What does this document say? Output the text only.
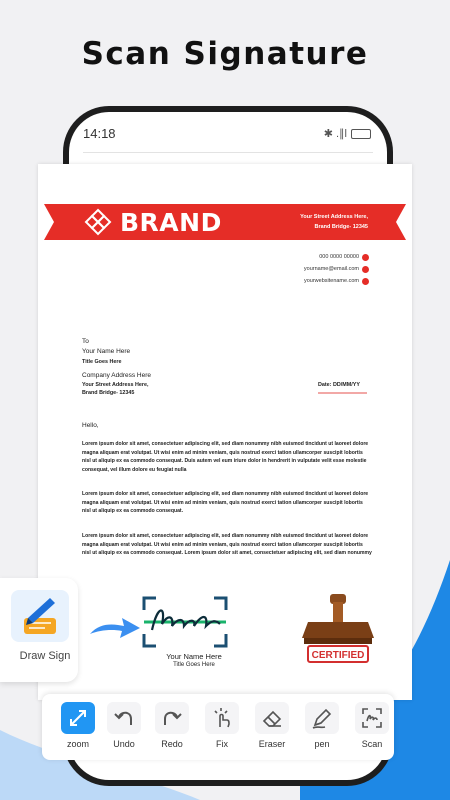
Scan Signature
14:18	✱ .∥l
BRAND	Your Street Address Here,
Brand Bridge- 12345
000 0000 00000
yourname@email.com
yourwebsitename.com
To
Your Name Here
Title Goes Here
Company Address Here
Your Street Address Here,
Brand Bridge- 12345
Date: DD/MM/YY
Hello,
Lorem ipsum dolor sit amet, consectetuer adipiscing elit, sed diam nonummy nibh euismod tincidunt ut laoreet dolore magna aliquam erat volutpat. Ut wisi enim ad minim veniam, quis nostrud exerci tation ullamcorper suscipit lobortis nisl ut aliquip ex ea commodo consequat. Duis autem vel eum iriure dolor in hendrerit in vulputate velit esse molestie consequat, vel illum dolore eu feugiat nulla
Lorem ipsum dolor sit amet, consectetuer adipiscing elit, sed diam nonummy nibh euismod tincidunt ut laoreet dolore magna aliquam erat volutpat. Ut wisi enim ad minim veniam, quis nostrud exerci tation ullamcorper suscipit lobortis nisl ut aliquip ex ea commodo consequat.
Lorem ipsum dolor sit amet, consectetuer adipiscing elit, sed diam nonummy nibh euismod tincidunt ut laoreet dolore magna aliquam erat volutpat. Ut wisi enim ad minim veniam, quis nostrud exerci tation ullamcorper suscipit lobortis nisl ut aliquip ex ea commodo consequat. Lorem ipsum dolor sit amet, consectetuer adipiscing elit, sed diam nonummy
Draw Sign	Your Name Here
Title Goes Here
CERTIFIED
zoom	Undo	Redo	Fix	Eraser	pen	Scan
